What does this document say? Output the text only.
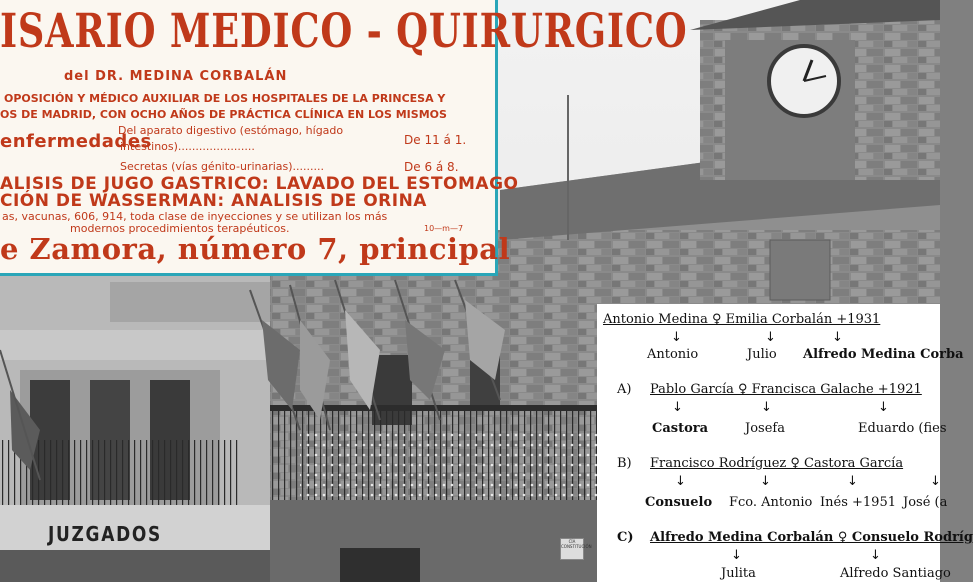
ISARIO MEDICO - QUIRURGICO
del DR. MEDINA CORBALÁN
OPOSICIÓN Y MÉDICO AUXILIAR DE LOS HOSPITALES DE LA PRINCESA Y
OS DE MADRID, CON OCHO AÑOS DE PRÁCTICA CLÍNICA EN LOS MISMOS
enfermedades
Del aparato digestivo (estómago, hígado
intestinos)......................	De 11 á 1.
Secretas (vías génito-urinarias).........	De 6 á 8.
ALISIS DE JUGO GASTRICO: LAVADO DEL ESTOMAGO
CIÓN DE WASSERMAN: ANALISIS DE ORINA
as, vacunas, 606, 914, toda clase de inyecciones y se utilizan los más
modernos procedimientos terapéuticos.	10—m—7
e Zamora, número 7, principal
JUZGADOS	CÍA CONSTITUCIÓN
Antonio Medina ♀ Emilia Corbalán +1931
↓	↓	↓
Antonio	Julio Alfredo Medina Corba
A) Pablo García ♀ Francisca Galache +1921
↓	↓	↓
Castora	Josefa	Eduardo (fies
B) Francisco Rodríguez ♀ Castora García
↓	↓	↓	↓
Consuelo Fco. Antonio Inés +1951 José (a
C) Alfredo Medina Corbalán ♀ Consuelo Rodríg
↓	↓
Julita	Alfredo Santiago
